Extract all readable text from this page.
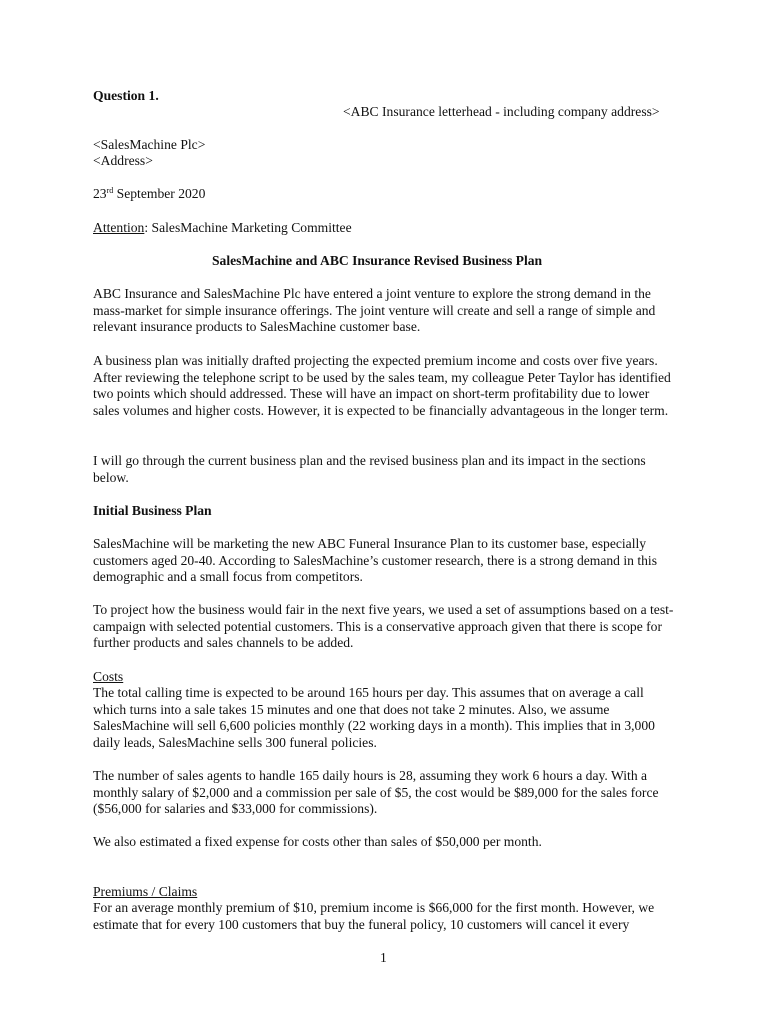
Question 1.
<ABC Insurance letterhead - including company address>
<SalesMachine Plc>
<Address>
23rd September 2020
Attention: SalesMachine Marketing Committee
SalesMachine and ABC Insurance Revised Business Plan

ABC Insurance and SalesMachine Plc have entered a joint venture to explore the strong demand in the mass-market for simple insurance offerings. The joint venture will create and sell a range of simple and relevant insurance products to SalesMachine customer base.

A business plan was initially drafted projecting the expected premium income and costs over five years. After reviewing the telephone script to be used by the sales team, my colleague Peter Taylor has identified two points which should addressed. These will have an impact on short-term profitability due to lower sales volumes and higher costs. However, it is expected to be financially advantageous in the longer term.

I will go through the current business plan and the revised business plan and its impact in the sections below.

Initial Business Plan

SalesMachine will be marketing the new ABC Funeral Insurance Plan to its customer base, especially customers aged 20-40. According to SalesMachine’s customer research, there is a strong demand in this demographic and a small focus from competitors.

To project how the business would fair in the next five years, we used a set of assumptions based on a test-campaign with selected potential customers. This is a conservative approach given that there is scope for further products and sales channels to be added.

Costs

The total calling time is expected to be around 165 hours per day. This assumes that on average a call which turns into a sale takes 15 minutes and one that does not take 2 minutes. Also, we assume SalesMachine will sell 6,600 policies monthly (22 working days in a month). This implies that in 3,000 daily leads, SalesMachine sells 300 funeral policies.

The number of sales agents to handle 165 daily hours is 28, assuming they work 6 hours a day. With a monthly salary of $2,000 and a commission per sale of $5, the cost would be $89,000 for the sales force ($56,000 for salaries and $33,000 for commissions).

We also estimated a fixed expense for costs other than sales of $50,000 per month.

Premiums / Claims

For an average monthly premium of $10, premium income is $66,000 for the first month. However, we estimate that for every 100 customers that buy the funeral policy, 10 customers will cancel it every

1
